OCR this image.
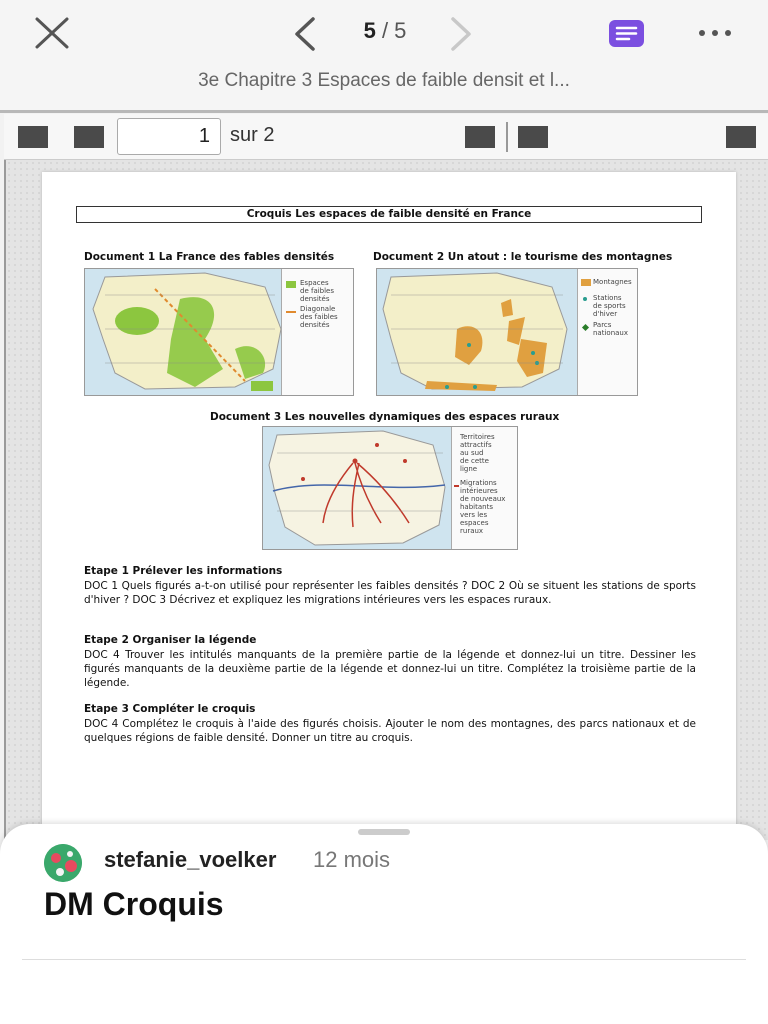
5 / 5
3e Chapitre 3 Espaces de faible densit et l...
1	sur 2
Croquis Les espaces de faible densité en France
Document 1 La France des fables densités
Espaces
de faibles
densités
Diagonale
des faibles
densités
Document 2 Un atout : le tourisme des montagnes
Montagnes
Stations
de sports
d'hiver
Parcs
nationaux
Document 3 Les nouvelles dynamiques des espaces ruraux
Territoires
attractifs
au sud
de cette
ligne
Migrations
intérieures
de nouveaux
habitants
vers les
espaces
ruraux
Etape 1 Prélever les informations
DOC 1 Quels figurés a-t-on utilisé pour représenter les faibles densités ? DOC 2 Où se situent les stations de sports d'hiver ? DOC 3 Décrivez et expliquez les migrations intérieures vers les espaces ruraux.
Etape 2 Organiser la légende
DOC 4 Trouver les intitulés manquants de la première partie de la légende et donnez-lui un titre. Dessiner les figurés manquants de la deuxième partie de la légende et donnez-lui un titre. Complétez la troisième partie de la légende.
Etape 3 Compléter le croquis
DOC 4 Complétez le croquis à l'aide des figurés choisis. Ajouter le nom des montagnes, des parcs nationaux et de quelques régions de faible densité. Donner un titre au croquis.
stefanie_voelker 12 mois
DM Croquis
